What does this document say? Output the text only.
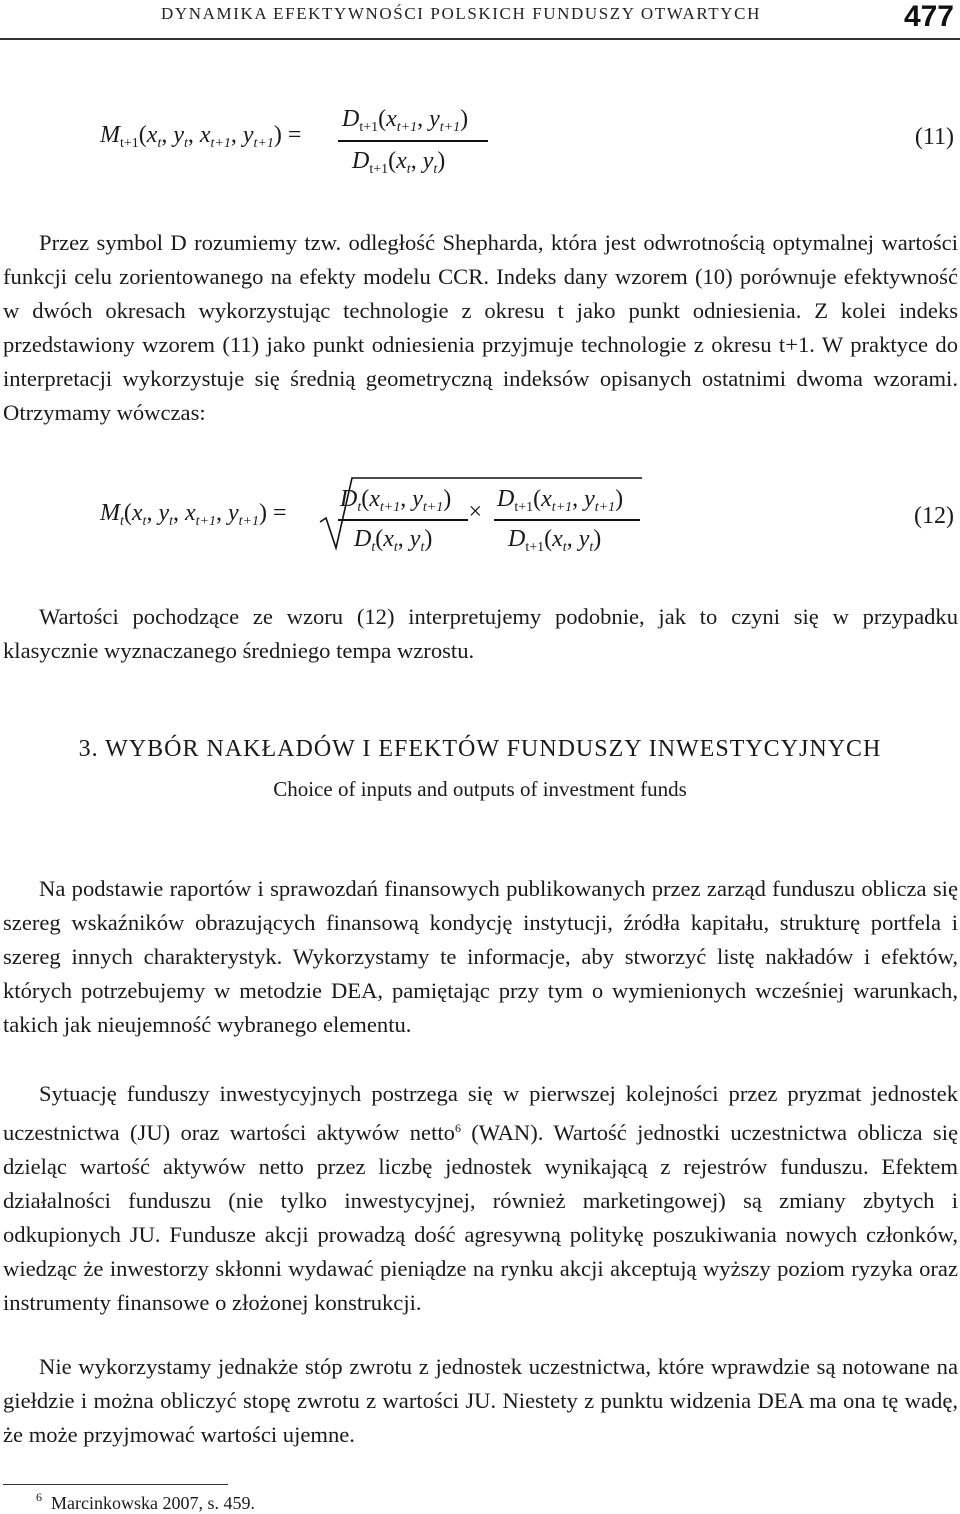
DYNAMIKA EFEKTYWNOŚCI POLSKICH FUNDUSZY OTWARTYCH	477
$M_{t+1}(x_t$, $y_t$, $x_{t+1}$, $y_{t+1}$) =
$D_{t+1}(x_{t+1}$, $y_{t+1}$)
$D_{t+1}(x_t$, $y_t$)
(11)

Przez symbol D rozumiemy tzw. odległość Shepharda, która jest odwrotnością optymalnej wartości funkcji celu zorientowanego na efekty modelu CCR. Indeks dany wzorem (10) porównuje efektywność w dwóch okresach wykorzystując technologie z okresu t jako punkt odniesienia. Z kolei indeks przedstawiony wzorem (11) jako punkt odniesienia przyjmuje technologie z okresu t+1. W praktyce do interpretacji wykorzystuje się średnią geometryczną indeksów opisanych ostatnimi dwoma wzorami. Otrzymamy wówczas:

$M_t(x_t$, $y_t$, $x_{t+1}$, $y_{t+1}$) =
$D_t(x_{t+1}$, $y_{t+1}$)
$D_t(x_t$, $y_t$)
× $D_{t+1}(x_{t+1}$, $y_{t+1}$)
$D_{t+1}(x_t$, $y_t$)
(12)

Wartości pochodzące ze wzoru (12) interpretujemy podobnie, jak to czyni się w przypadku klasycznie wyznaczanego średniego tempa wzrostu.

3. WYBÓR NAKŁADÓW I EFEKTÓW FUNDUSZY INWESTYCYJNYCH
Choice of inputs and outputs of investment funds

Na podstawie raportów i sprawozdań finansowych publikowanych przez zarząd funduszu oblicza się szereg wskaźników obrazujących finansową kondycję instytucji, źródła kapitału, strukturę portfela i szereg innych charakterystyk. Wykorzystamy te informacje, aby stworzyć listę nakładów i efektów, których potrzebujemy w metodzie DEA, pamiętając przy tym o wymienionych wcześniej warunkach, takich jak nieujemność wybranego elementu.

Sytuację funduszy inwestycyjnych postrzega się w pierwszej kolejności przez pryzmat jednostek uczestnictwa (JU) oraz wartości aktywów netto$^6$ (WAN). Wartość jednostki uczestnictwa oblicza się dzieląc wartość aktywów netto przez liczbę jednostek wynikającą z rejestrów funduszu. Efektem działalności funduszu (nie tylko inwestycyjnej, również marketingowej) są zmiany zbytych i odkupionych JU. Fundusze akcji prowadzą dość agresywną politykę poszukiwania nowych członków, wiedząc że inwestorzy skłonni wydawać pieniądze na rynku akcji akceptują wyższy poziom ryzyka oraz instrumenty finansowe o złożonej konstrukcji.

Nie wykorzystamy jednakże stóp zwrotu z jednostek uczestnictwa, które wprawdzie są notowane na giełdzie i można obliczyć stopę zwrotu z wartości JU. Niestety z punktu widzenia DEA ma ona tę wadę, że może przyjmować wartości ujemne.

$^6$ Marcinkowska 2007, s. 459.
